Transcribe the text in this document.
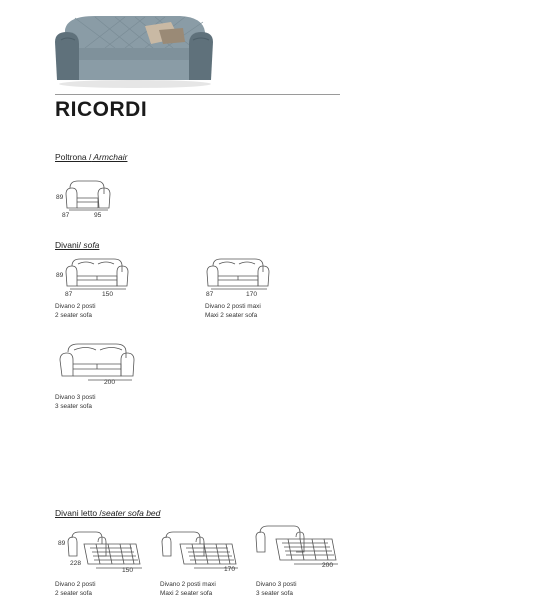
RICORDI
Poltrona / Armchair
89
87	95
Divani/ sofa
89
87	150
Divano 2 posti
2 seater sofa
87	170
Divano 2 posti maxi
Maxi 2 seater sofa
200
Divano 3 posti
3 seater sofa
Divani letto /seater sofa bed
89
228
150
Divano 2 posti
2 seater sofa
170
Divano 2 posti maxi
Maxi 2 seater sofa
200
Divano 3 posti
3 seater sofa
